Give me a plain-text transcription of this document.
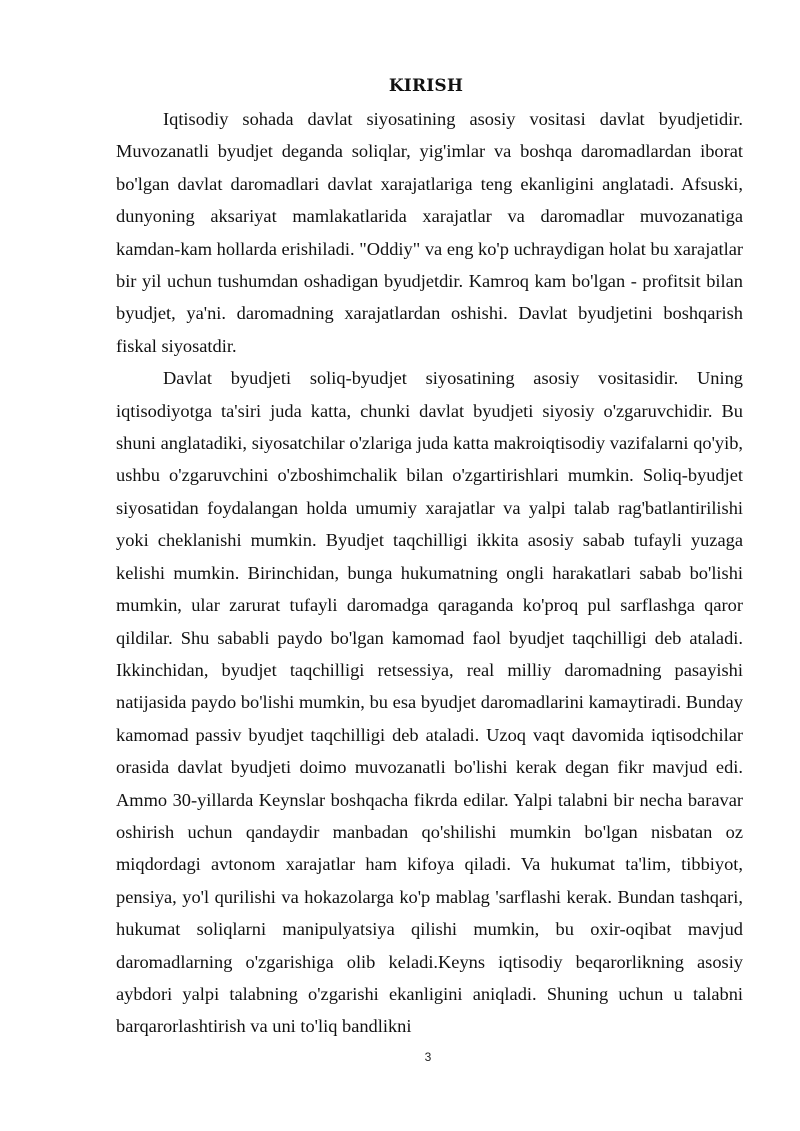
KIRISH

Iqtisodiy sohada davlat siyosatining asosiy vositasi davlat byudjetidir. Muvozanatli byudjet deganda soliqlar, yig'imlar va boshqa daromadlardan iborat bo'lgan davlat daromadlari davlat xarajatlariga teng ekanligini anglatadi. Afsuski, dunyoning aksariyat mamlakatlarida xarajatlar va daromadlar muvozanatiga kamdan-kam hollarda erishiladi. "Oddiy" va eng ko'p uchraydigan holat bu xarajatlar bir yil uchun tushumdan oshadigan byudjetdir. Kamroq kam bo'lgan - profitsit bilan byudjet, ya'ni. daromadning xarajatlardan oshishi. Davlat byudjetini boshqarish fiskal siyosatdir.

Davlat byudjeti soliq-byudjet siyosatining asosiy vositasidir. Uning iqtisodiyotga ta'siri juda katta, chunki davlat byudjeti siyosiy o'zgaruvchidir. Bu shuni anglatadiki, siyosatchilar o'zlariga juda katta makroiqtisodiy vazifalarni qo'yib, ushbu o'zgaruvchini o'zboshimchalik bilan o'zgartirishlari mumkin. Soliq-byudjet siyosatidan foydalangan holda umumiy xarajatlar va yalpi talab rag'batlantirilishi yoki cheklanishi mumkin. Byudjet taqchilligi ikkita asosiy sabab tufayli yuzaga kelishi mumkin. Birinchidan, bunga hukumatning ongli harakatlari sabab bo'lishi mumkin, ular zarurat tufayli daromadga qaraganda ko'proq pul sarflashga qaror qildilar. Shu sababli paydo bo'lgan kamomad faol byudjet taqchilligi deb ataladi. Ikkinchidan, byudjet taqchilligi retsessiya, real milliy daromadning pasayishi natijasida paydo bo'lishi mumkin, bu esa byudjet daromadlarini kamaytiradi. Bunday kamomad passiv byudjet taqchilligi deb ataladi. Uzoq vaqt davomida iqtisodchilar orasida davlat byudjeti doimo muvozanatli bo'lishi kerak degan fikr mavjud edi. Ammo 30-yillarda Keynslar boshqacha fikrda edilar. Yalpi talabni bir necha baravar oshirish uchun qandaydir manbadan qo'shilishi mumkin bo'lgan nisbatan oz miqdordagi avtonom xarajatlar ham kifoya qiladi. Va hukumat ta'lim, tibbiyot, pensiya, yo'l qurilishi va hokazolarga ko'p mablag 'sarflashi kerak. Bundan tashqari, hukumat soliqlarni manipulyatsiya qilishi mumkin, bu oxir-oqibat mavjud daromadlarning o'zgarishiga olib keladi.Keyns iqtisodiy beqarorlikning asosiy aybdori yalpi talabning o'zgarishi ekanligini aniqladi. Shuning uchun u talabni barqarorlashtirish va uni to'liq bandlikni

3
